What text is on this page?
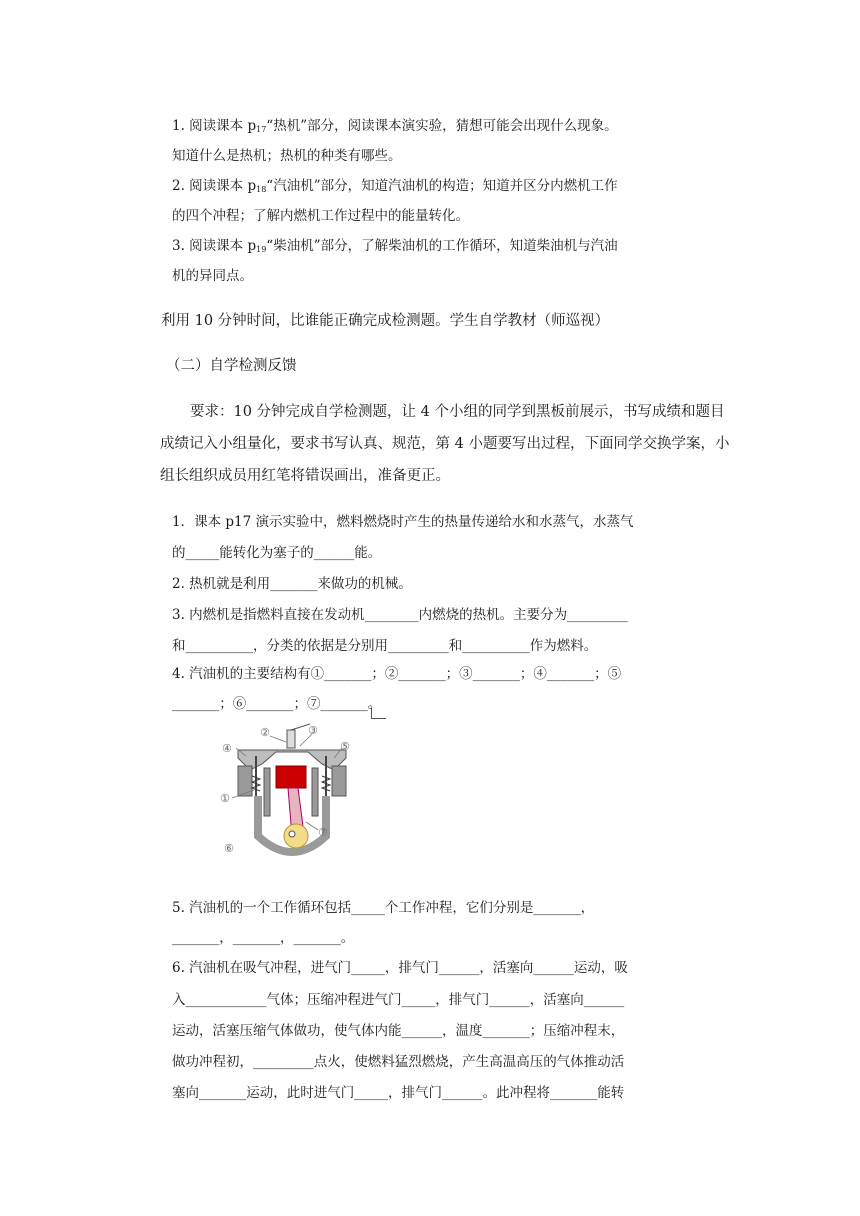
1. 阅读课本 $p_{17}“$热机”部分，阅读课本演实验，猜想可能会出现什么现象。
知道什么是热机；热机的种类有哪些。
2. 阅读课本 $p_{18}“$汽油机”部分，知道汽油机的构造；知道并区分内燃机工作
的四个冲程；了解内燃机工作过程中的能量转化。
3. 阅读课本 $p_{19}“$柴油机”部分，了解柴油机的工作循环，知道柴油机与汽油
机的异同点。
利用 10 分钟时间，比谁能正确完成检测题。学生自学教材（师巡视）
（二）自学检测反馈
要求：10 分钟完成自学检测题，让 4 个小组的同学到黑板前展示，书写成绩和题目
成绩记入小组量化，要求书写认真、规范，第 4 小题要写出过程，下面同学交换学案，小
组长组织成员用红笔将错误画出，准备更正。
1．课本 p17 演示实验中，燃料燃烧时产生的热量传递给水和水蒸气，水蒸气
的_____能转化为塞子的______能。
2. 热机就是利用_______来做功的机械。
3. 内燃机是指燃料直接在发动机________内燃烧的热机。主要分为_________
和__________，分类的依据是分别用_________和__________作为燃料。
4. 汽油机的主要结构有①_______；②_______；③_______；④_______；⑤
_______；⑥_______；⑦_______。
①
②	③
④	⑤
⑥
⑦
5. 汽油机的一个工作循环包括_____个工作冲程，它们分别是_______，
_______，_______，_______。
6. 汽油机在吸气冲程，进气门_____，排气门______，活塞向______运动，吸
入____________气体；压缩冲程进气门_____，排气门______，活塞向______
运动，活塞压缩气体做功，使气体内能______，温度_______；压缩冲程末，
做功冲程初，_________点火，使燃料猛烈燃烧，产生高温高压的气体推动活
塞向_______运动，此时进气门_____，排气门______。此冲程将_______能转
